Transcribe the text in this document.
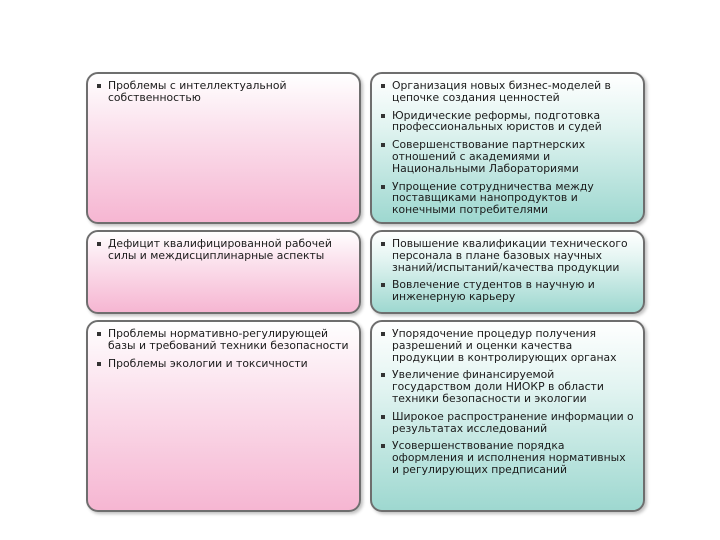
Проблемы с интеллектуальной собственностью
Организация новых бизнес-моделей в цепочке создания ценностей
Юридические реформы, подготовка профессиональных юристов и судей
Совершенствование партнерских отношений с академиями и Национальными Лабораториями
Упрощение сотрудничества между поставщиками нанопродуктов и конечными потребителями
Дефицит квалифицированной рабочей силы и междисциплинарные аспекты
Повышение квалификации технического персонала в плане базовых научных знаний/испытаний/качества продукции
Вовлечение студентов в научную и инженерную карьеру
Проблемы нормативно-регулирующей базы и требований техники безопасности
Проблемы экологии и токсичности
Упорядочение процедур получения разрешений и оценки качества продукции в контролирующих органах
Увеличение финансируемой государством доли НИОКР в области техники безопасности и экологии
Широкое распространение информации о результатах исследований
Усовершенствование порядка оформления и исполнения нормативных и регулирующих предписаний
